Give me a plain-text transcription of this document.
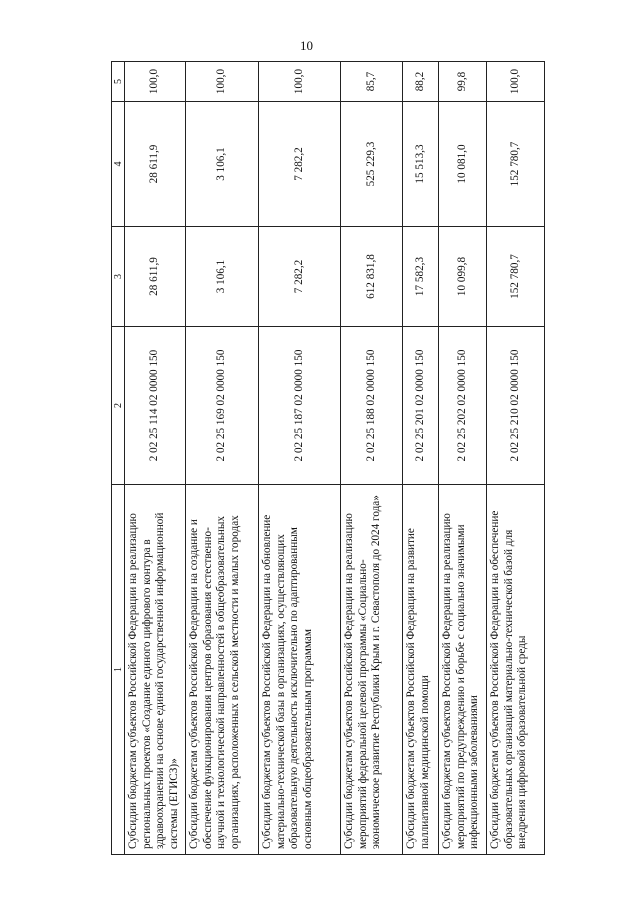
10
1	2	3	4	5
Субсидии бюджетам субъектов Российской Федерации на реализацию региональных проектов «Создание единого цифрового контура в здравоохранении на основе единой государственной информационной системы (ЕГИСЗ)»	2 02 25 114 02 0000 150	28 611,9	28 611,9	100,0
Субсидии бюджетам субъектов Российской Федерации на создание и обеспечение функционирования центров образования естественно-научной и технологической направленностей в общеобразовательных организациях, расположенных в сельской местности и малых городах	2 02 25 169 02 0000 150	3 106,1	3 106,1	100,0
Субсидии бюджетам субъектов Российской Федерации на обновление материально-технической базы в организациях, осуществляющих образовательную деятельность исключительно по адаптированным основным общеобразовательным программам	2 02 25 187 02 0000 150	7 282,2	7 282,2	100,0
Субсидии бюджетам субъектов Российской Федерации на реализацию мероприятий федеральной целевой программы «Социально-экономическое развитие Республики Крым и г. Севастополя до 2024 года»	2 02 25 188 02 0000 150	612 831,8	525 229,3	85,7
Субсидии бюджетам субъектов Российской Федерации на развитие паллиативной медицинской помощи	2 02 25 201 02 0000 150	17 582,3	15 513,3	88,2
Субсидии бюджетам субъектов Российской Федерации на реализацию мероприятий по предупреждению и борьбе с социально значимыми инфекционными заболеваниями	2 02 25 202 02 0000 150	10 099,8	10 081,0	99,8
Субсидии бюджетам субъектов Российской Федерации на обеспечение образовательных организаций материально-технической базой для внедрения цифровой образовательной среды	2 02 25 210 02 0000 150	152 780,7	152 780,7	100,0
